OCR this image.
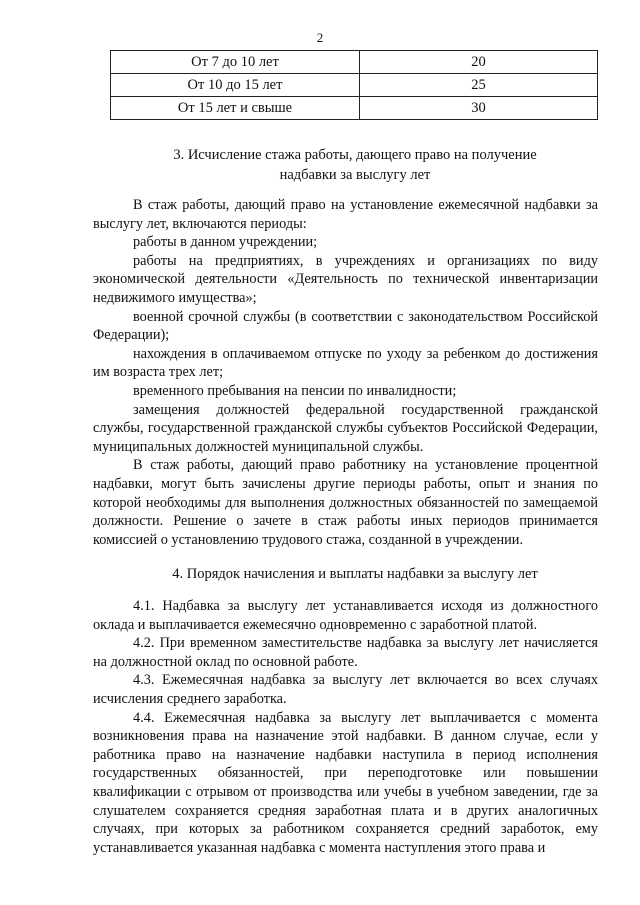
2
От 7 до 10 лет	20
От 10 до 15 лет	25
От 15 лет и свыше	30
3. Исчисление стажа работы, дающего право на получение
надбавки за выслугу лет

В стаж работы, дающий право на установление ежемесячной надбавки за выслугу лет, включаются периоды:

работы в данном учреждении;

работы на предприятиях, в учреждениях и организациях по виду экономической деятельности «Деятельность по технической инвентаризации недвижимого имущества»;

военной срочной службы (в соответствии с законодательством Российской Федерации);

нахождения в оплачиваемом отпуске по уходу за ребенком до достижения им возраста трех лет;

временного пребывания на пенсии по инвалидности;

замещения должностей федеральной государственной гражданской службы, государственной гражданской службы субъектов Российской Федерации, муниципальных должностей муниципальной службы.

В стаж работы, дающий право работнику на установление процентной надбавки, могут быть зачислены другие периоды работы, опыт и знания по которой необходимы для выполнения должностных обязанностей по замещаемой должности. Решение о зачете в стаж работы иных периодов принимается комиссией о установлению трудового стажа, созданной в учреждении.

4. Порядок начисления и выплаты надбавки за выслугу лет

4.1. Надбавка за выслугу лет устанавливается исходя из должностного оклада и выплачивается ежемесячно одновременно с заработной платой.

4.2. При временном заместительстве надбавка за выслугу лет начисляется на должностной оклад по основной работе.

4.3. Ежемесячная надбавка за выслугу лет включается во всех случаях исчисления среднего заработка.

4.4. Ежемесячная надбавка за выслугу лет выплачивается с момента возникновения права на назначение этой надбавки. В данном случае, если у работника право на назначение надбавки наступила в период исполнения государственных обязанностей, при переподготовке или повышении квалификации с отрывом от производства или учебы в учебном заведении, где за слушателем сохраняется средняя заработная плата и в других аналогичных случаях, при которых за работником сохраняется средний заработок, ему устанавливается указанная надбавка с момента наступления этого права и
